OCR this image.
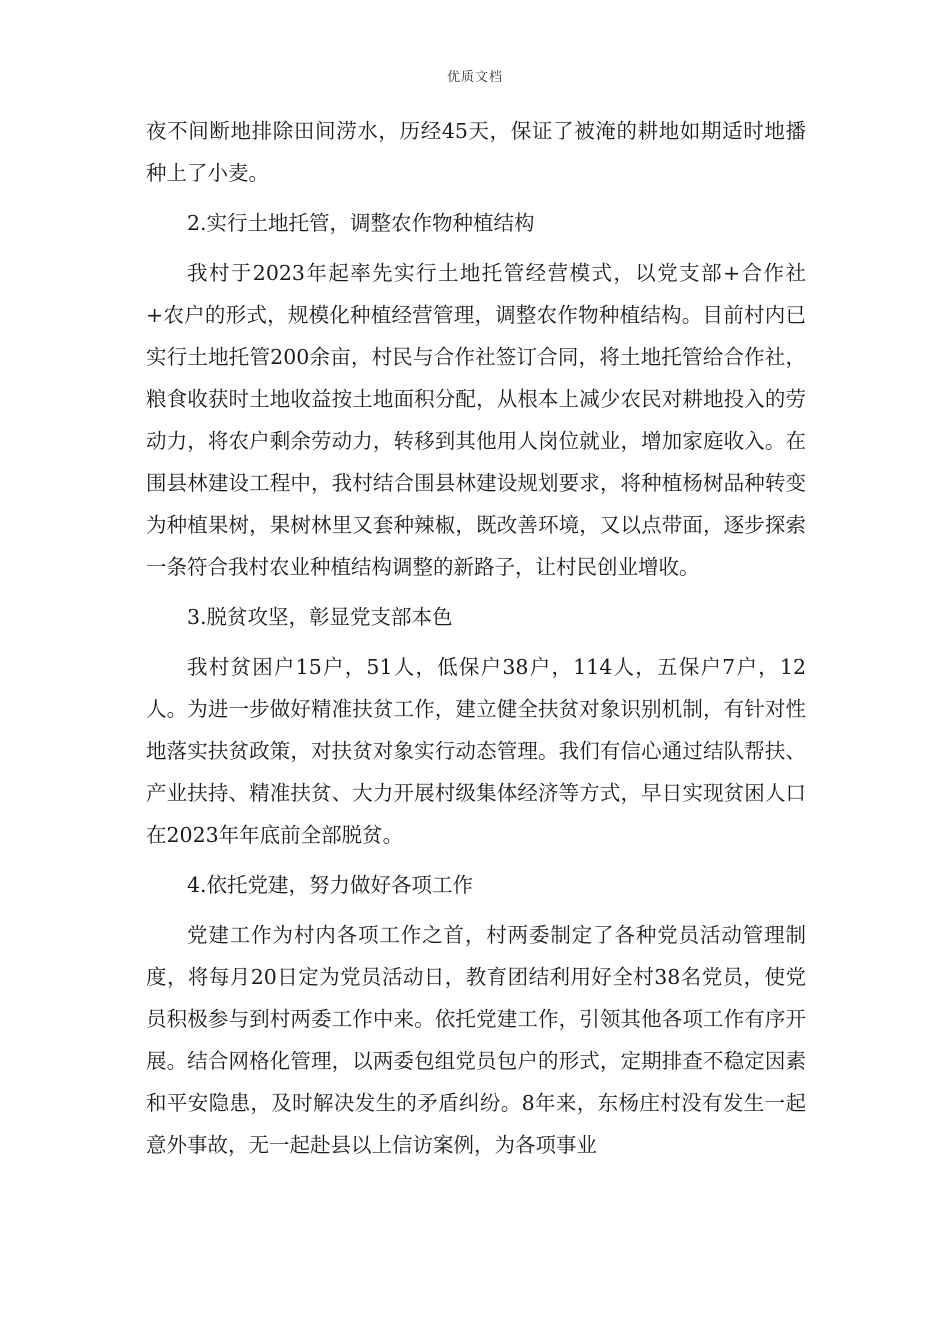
优质文档

夜不间断地排除田间涝水，历经45天，保证了被淹的耕地如期适时地播种上了小麦。

2.实行土地托管，调整农作物种植结构

我村于2023年起率先实行土地托管经营模式，以党支部+合作社+农户的形式，规模化种植经营管理，调整农作物种植结构。目前村内已实行土地托管200余亩，村民与合作社签订合同，将土地托管给合作社，粮食收获时土地收益按土地面积分配，从根本上减少农民对耕地投入的劳动力，将农户剩余劳动力，转移到其他用人岗位就业，增加家庭收入。在围县林建设工程中，我村结合围县林建设规划要求，将种植杨树品种转变为种植果树，果树林里又套种辣椒，既改善环境，又以点带面，逐步探索一条符合我村农业种植结构调整的新路子，让村民创业增收。

3.脱贫攻坚，彰显党支部本色

我村贫困户15户，51人，低保户38户，114人，五保户7户，12人。为进一步做好精准扶贫工作，建立健全扶贫对象识别机制，有针对性地落实扶贫政策，对扶贫对象实行动态管理。我们有信心通过结队帮扶、产业扶持、精准扶贫、大力开展村级集体经济等方式，早日实现贫困人口在2023年年底前全部脱贫。

4.依托党建，努力做好各项工作

党建工作为村内各项工作之首，村两委制定了各种党员活动管理制度，将每月20日定为党员活动日，教育团结利用好全村38名党员，使党员积极参与到村两委工作中来。依托党建工作，引领其他各项工作有序开展。结合网格化管理，以两委包组党员包户的形式，定期排查不稳定因素和平安隐患，及时解决发生的矛盾纠纷。8年来，东杨庄村没有发生一起意外事故，无一起赴县以上信访案例，为各项事业
